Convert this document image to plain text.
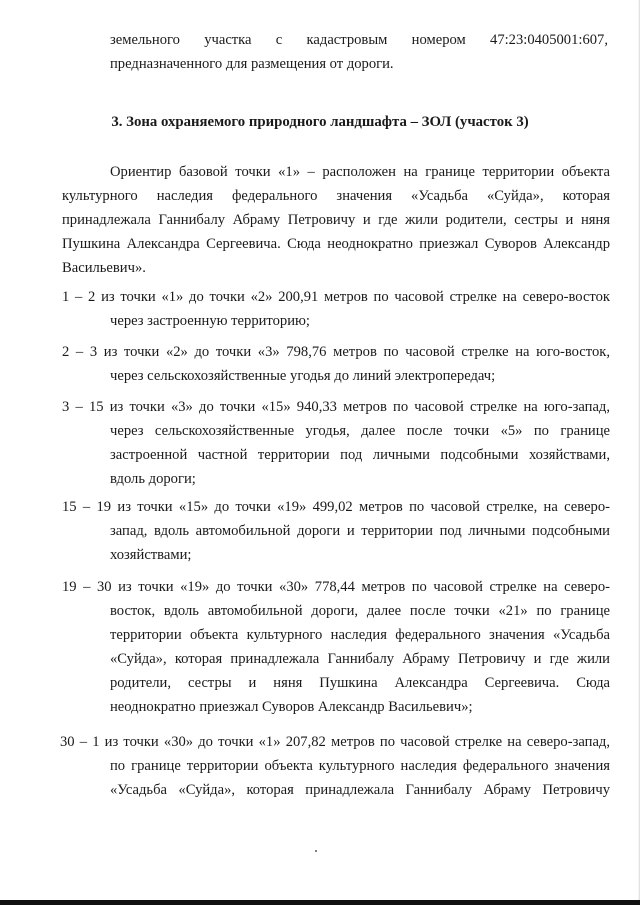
земельного участка с кадастровым номером 47:23:0405001:607,
предназначенного для размещения от дороги.
3. Зона охраняемого природного ландшафта – ЗОЛ (участок 3)
Ориентир базовой точки «1» – расположен на границе территории объекта
культурного наследия федерального значения «Усадьба «Суйда», которая
принадлежала Ганнибалу Абраму Петровичу и где жили родители, сестры и няня
Пушкина Александра Сергеевича. Сюда неоднократно приезжал Суворов Александр
Васильевич».
1 – 2 из точки «1» до точки «2» 200,91 метров по часовой стрелке на северо-восток
через застроенную территорию;
2 – 3 из точки «2» до точки «3» 798,76 метров по часовой стрелке на юго-восток,
через сельскохозяйственные угодья до линий электропередач;
3 – 15 из точки «3» до точки «15» 940,33 метров по часовой стрелке на юго-запад,
через сельскохозяйственные угодья, далее после точки «5» по границе
застроенной частной территории под личными подсобными хозяйствами,
вдоль дороги;
15 – 19 из точки «15» до точки «19» 499,02 метров по часовой стрелке, на северо-
запад, вдоль автомобильной дороги и территории под личными подсобными
хозяйствами;
19 – 30 из точки «19» до точки «30» 778,44 метров по часовой стрелке на северо-
восток, вдоль автомобильной дороги, далее после точки «21» по границе
территории объекта культурного наследия федерального значения «Усадьба
«Суйда», которая принадлежала Ганнибалу Абраму Петровичу и где жили
родители, сестры и няня Пушкина Александра Сергеевича. Сюда
неоднократно приезжал Суворов Александр Васильевич»;
30 – 1 из точки «30» до точки «1» 207,82 метров по часовой стрелке на северо-запад,
по границе территории объекта культурного наследия федерального значения
«Усадьба «Суйда», которая принадлежала Ганнибалу Абраму Петровичу
